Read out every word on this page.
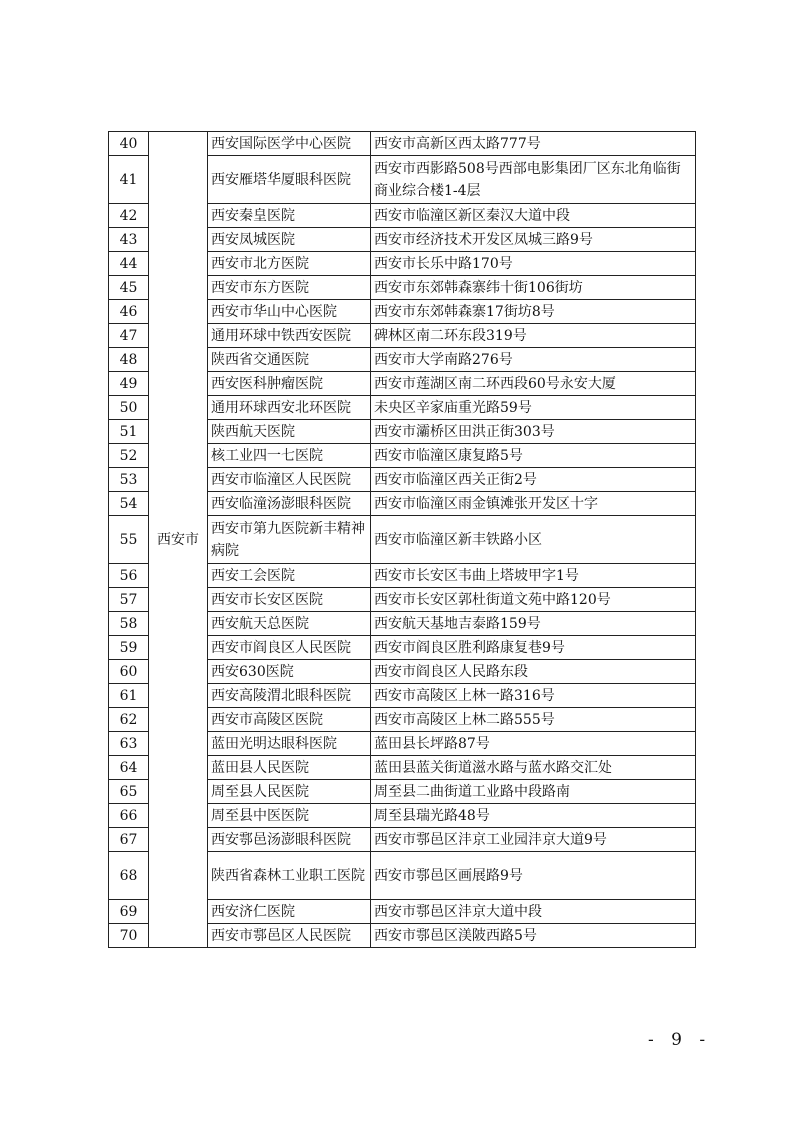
40	西安市	西安国际医学中心医院	西安市高新区西太路777号
41		西安雁塔华厦眼科医院	西安市西影路508号西部电影集团厂区东北角临街商业综合楼1-4层
42		西安秦皇医院	西安市临潼区新区秦汉大道中段
43		西安凤城医院	西安市经济技术开发区凤城三路9号
44		西安市北方医院	西安市长乐中路170号
45		西安市东方医院	西安市东郊韩森寨纬十街106街坊
46		西安市华山中心医院	西安市东郊韩森寨17街坊8号
47		通用环球中铁西安医院	碑林区南二环东段319号
48		陕西省交通医院	西安市大学南路276号
49		西安医科肿瘤医院	西安市莲湖区南二环西段60号永安大厦
50		通用环球西安北环医院	未央区辛家庙重光路59号
51		陕西航天医院	西安市灞桥区田洪正街303号
52		核工业四一七医院	西安市临潼区康复路5号
53		西安市临潼区人民医院	西安市临潼区西关正街2号
54		西安临潼汤澎眼科医院	西安市临潼区雨金镇滩张开发区十字
55		西安市第九医院新丰精神病院	西安市临潼区新丰铁路小区
56		西安工会医院	西安市长安区韦曲上塔坡甲字1号
57		西安市长安区医院	西安市长安区郭杜街道文苑中路120号
58		西安航天总医院	西安航天基地吉泰路159号
59		西安市阎良区人民医院	西安市阎良区胜利路康复巷9号
60		西安630医院	西安市阎良区人民路东段
61		西安高陵渭北眼科医院	西安市高陵区上林一路316号
62		西安市高陵区医院	西安市高陵区上林二路555号
63		蓝田光明达眼科医院	蓝田县长坪路87号
64		蓝田县人民医院	蓝田县蓝关街道滋水路与蓝水路交汇处
65		周至县人民医院	周至县二曲街道工业路中段路南
66		周至县中医医院	周至县瑞光路48号
67		西安鄠邑汤澎眼科医院	西安市鄠邑区沣京工业园沣京大道9号
68		陕西省森林工业职工医院	西安市鄠邑区画展路9号
69		西安济仁医院	西安市鄠邑区沣京大道中段
70		西安市鄠邑区人民医院	西安市鄠邑区渼陂西路5号
- 9 -
